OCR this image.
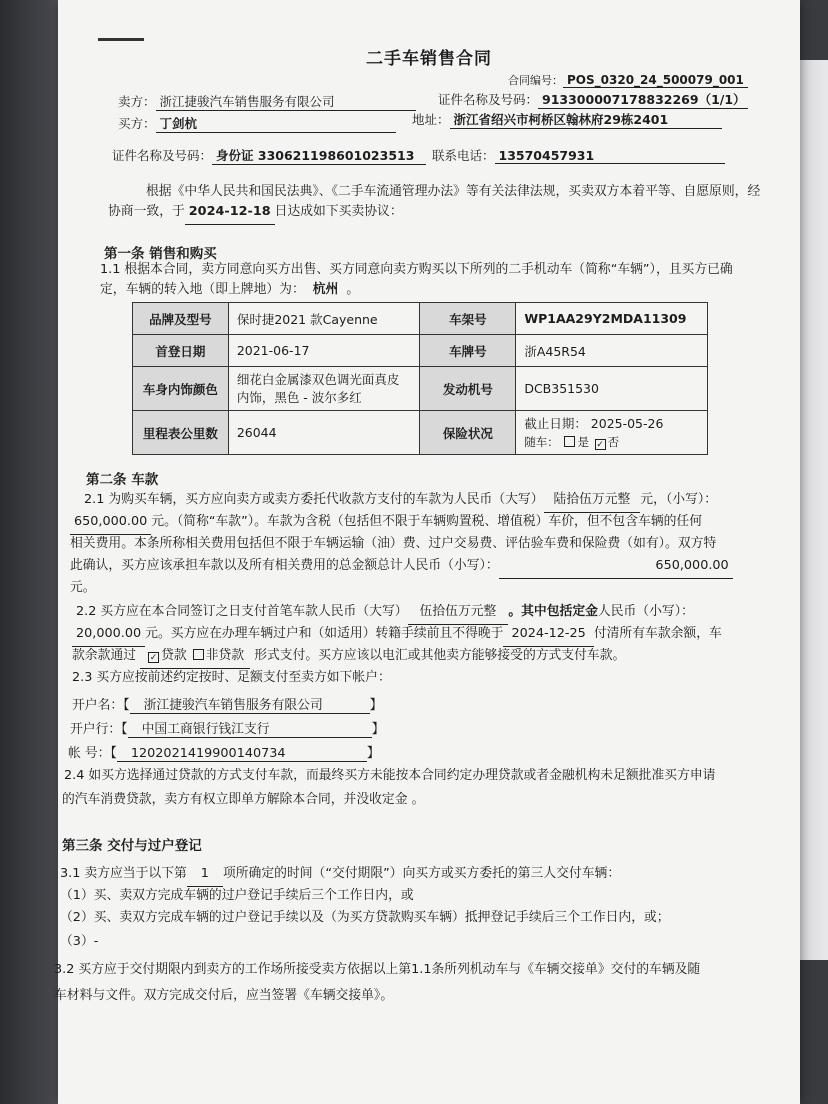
二手车销售合同
合同编号： POS_0320_24_500079_001
卖方： 浙江捷骏汽车销售服务有限公司	证件名称及号码： 913300007178832269（1/1）
买方： 丁剑杭	地址： 浙江省绍兴市柯桥区翰林府29栋2401
证件名称及号码： 身份证 330621198601023513	联系电话： 13570457931
根据《中华人民共和国民法典》、《二手车流通管理办法》等有关法律法规，买卖双方本着平等、自愿原则，经
协商一致，于 2024-12-18 日达成如下买卖协议：
第一条 销售和购买
1.1 根据本合同，卖方同意向买方出售、买方同意向卖方购买以下所列的二手机动车（简称“车辆”），且买方已确
定，车辆的转入地（即上牌地）为： 杭州 。
品牌及型号	保时捷2021 款Cayenne	车架号	WP1AA29Y2MDA11309
首登日期	2021-06-17	车牌号	浙A45R54
车身内饰颜色	细花白金属漆双色调光面真皮内饰，黑色 - 波尔多红	发动机号	DCB351530
里程表公里数	26044	保险状况	截止日期： 2025-05-26
随车： 是 ✓ 否
第二条 车款
2.1 为购买车辆，买方应向卖方或卖方委托代收款方支付的车款为人民币（大写） 陆拾伍万元整 元，（小写）：
650,000.00 元。（简称“车款”）。车款为含税（包括但不限于车辆购置税、增值税）车价，但不包含车辆的任何
相关费用。本条所称相关费用包括但不限于车辆运输（油）费、过户交易费、评估验车费和保险费（如有）。双方特
此确认，买方应该承担车款以及所有相关费用的总金额总计人民币（小写）：	650,000.00
元。
2.2 买方应在本合同签订之日支付首笔车款人民币（大写） 伍拾伍万元整 。其中包括定金人民币（小写）：
20,000.00 元。买方应在办理车辆过户和（如适用）转籍手续前且不得晚于 2024-12-25 付清所有车款余额，车
款余款通过 ✓ 贷款 非贷款 形式支付。买方应该以电汇或其他卖方能够接受的方式支付车款。
2.3 买方应按前述约定按时、足额支付至卖方如下帐户：
开户名：【 浙江捷骏汽车销售服务有限公司	】
开户行：【 中国工商银行钱江支行	】
帐 号：【 1202021419900140734	】
2.4 如买方选择通过贷款的方式支付车款，而最终买方未能按本合同约定办理贷款或者金融机构未足额批准买方申请
的汽车消费贷款，卖方有权立即单方解除本合同，并没收定金 。
第三条 交付与过户登记
3.1 卖方应当于以下第 1 项所确定的时间（“交付期限”）向买方或买方委托的第三人交付车辆：
（1）买、卖双方完成车辆的过户登记手续后三个工作日内，或
（2）买、卖双方完成车辆的过户登记手续以及（为买方贷款购买车辆）抵押登记手续后三个工作日内，或；
（3）-
3.2 买方应于交付期限内到卖方的工作场所接受卖方依据以上第1.1条所列机动车与《车辆交接单》交付的车辆及随
车材料与文件。双方完成交付后，应当签署《车辆交接单》。
